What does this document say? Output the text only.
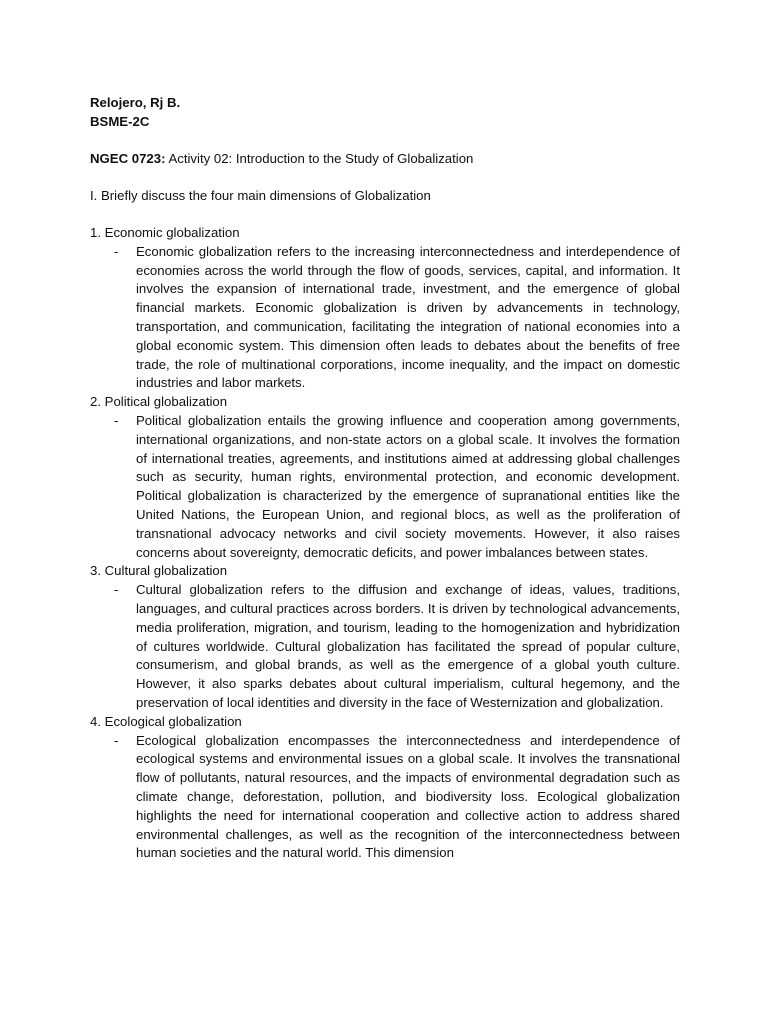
Relojero, Rj B.
BSME-2C
NGEC 0723: Activity 02: Introduction to the Study of Globalization
I. Briefly discuss the four main dimensions of Globalization
1. Economic globalization
- Economic globalization refers to the increasing interconnectedness and interdependence of economies across the world through the flow of goods, services, capital, and information. It involves the expansion of international trade, investment, and the emergence of global financial markets. Economic globalization is driven by advancements in technology, transportation, and communication, facilitating the integration of national economies into a global economic system. This dimension often leads to debates about the benefits of free trade, the role of multinational corporations, income inequality, and the impact on domestic industries and labor markets.
2. Political globalization
- Political globalization entails the growing influence and cooperation among governments, international organizations, and non-state actors on a global scale. It involves the formation of international treaties, agreements, and institutions aimed at addressing global challenges such as security, human rights, environmental protection, and economic development. Political globalization is characterized by the emergence of supranational entities like the United Nations, the European Union, and regional blocs, as well as the proliferation of transnational advocacy networks and civil society movements. However, it also raises concerns about sovereignty, democratic deficits, and power imbalances between states.
3. Cultural globalization
- Cultural globalization refers to the diffusion and exchange of ideas, values, traditions, languages, and cultural practices across borders. It is driven by technological advancements, media proliferation, migration, and tourism, leading to the homogenization and hybridization of cultures worldwide. Cultural globalization has facilitated the spread of popular culture, consumerism, and global brands, as well as the emergence of a global youth culture. However, it also sparks debates about cultural imperialism, cultural hegemony, and the preservation of local identities and diversity in the face of Westernization and globalization.
4. Ecological globalization
- Ecological globalization encompasses the interconnectedness and interdependence of ecological systems and environmental issues on a global scale. It involves the transnational flow of pollutants, natural resources, and the impacts of environmental degradation such as climate change, deforestation, pollution, and biodiversity loss. Ecological globalization highlights the need for international cooperation and collective action to address shared environmental challenges, as well as the recognition of the interconnectedness between human societies and the natural world. This dimension
